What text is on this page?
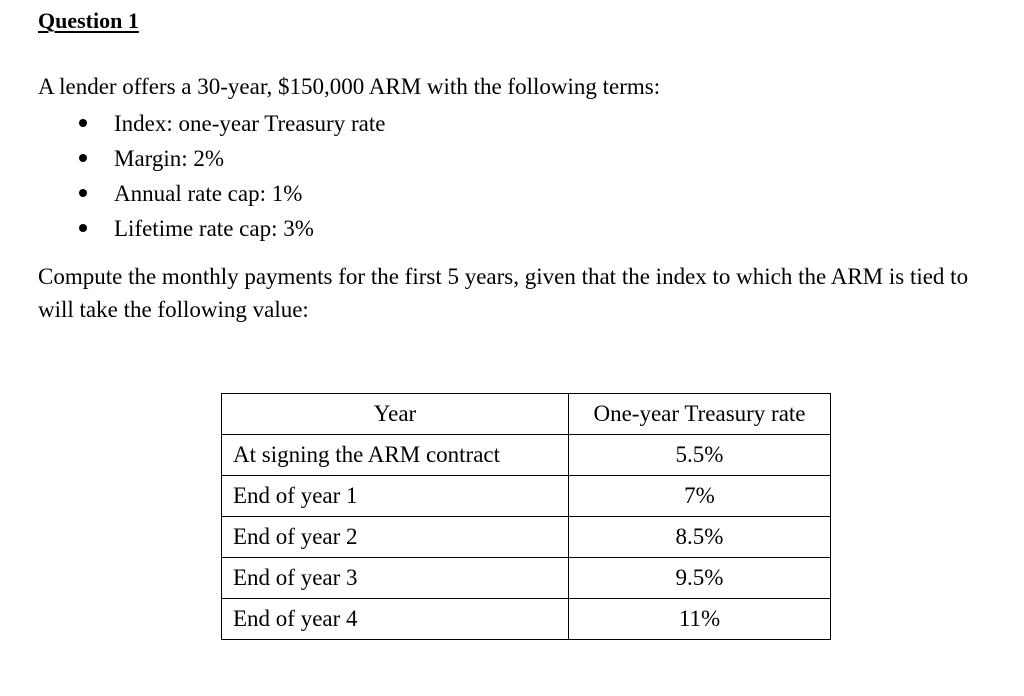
Question 1
A lender offers a 30-year, $150,000 ARM with the following terms:
Index: one-year Treasury rate
Margin: 2%
Annual rate cap: 1%
Lifetime rate cap: 3%
Compute the monthly payments for the first 5 years, given that the index to which the ARM is tied to will take the following value:
Year	One-year Treasury rate
At signing the ARM contract	5.5%
End of year 1	7%
End of year 2	8.5%
End of year 3	9.5%
End of year 4	11%
